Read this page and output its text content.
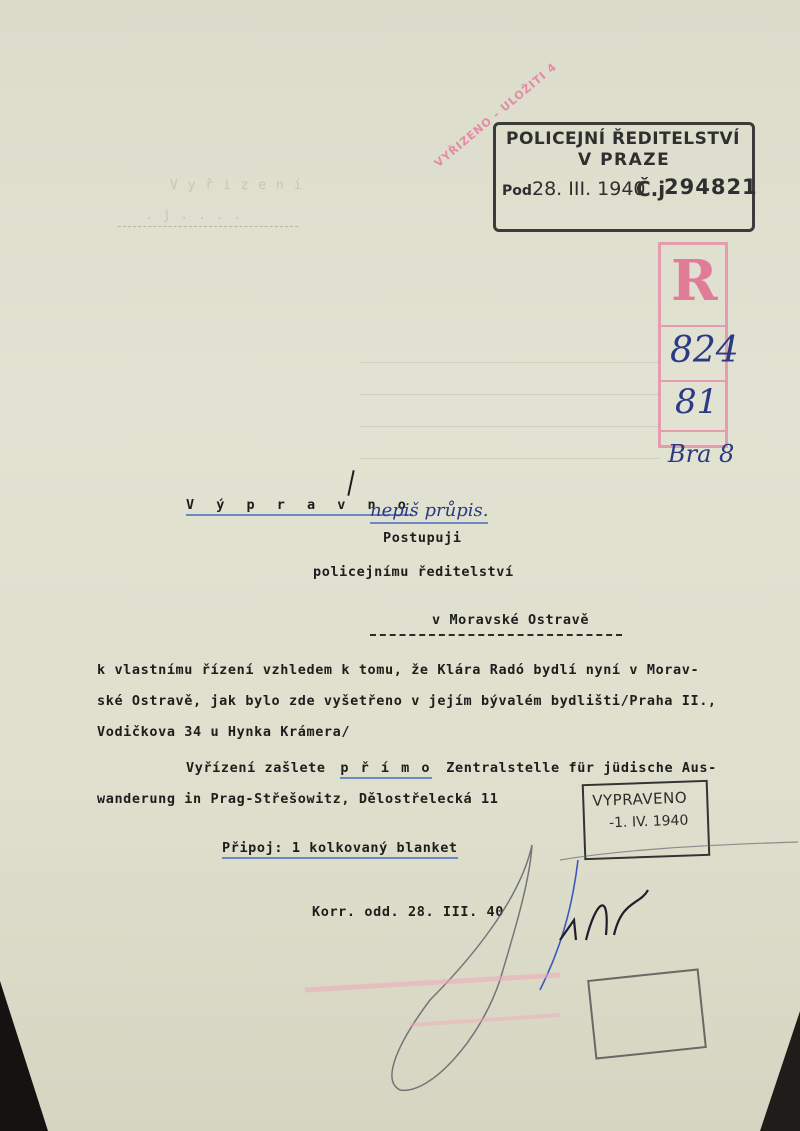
V y ř i z e n í
. j . . . .
VYŘIZENO - ULOŽITI 4
POLICEJNÍ ŘEDITELSTVÍ
V PRAZE
Pod 28. III. 1940
Č.j
294821
R
824
81
Bra 8
V ý p r a v n o
nepiš průpis.
Postupuji
policejnímu ředitelství
v Moravské Ostravě
k vlastnímu řízení vzhledem k tomu, že Klára Radó bydlí nyní v Morav-
ské Ostravě, jak bylo zde vyšetřeno v jejím bývalém bydlišti/Praha II.,
Vodičkova 34 u Hynka Krámera/
Vyřízení zašlete p ř í m o Zentralstelle für jüdische Aus-
wanderung in Prag-Střešowitz, Dělostřelecká 11	VYPRAVENO
-1. IV. 1940
Připoj: 1 kolkovaný blanket
Korr. odd. 28. III. 40
